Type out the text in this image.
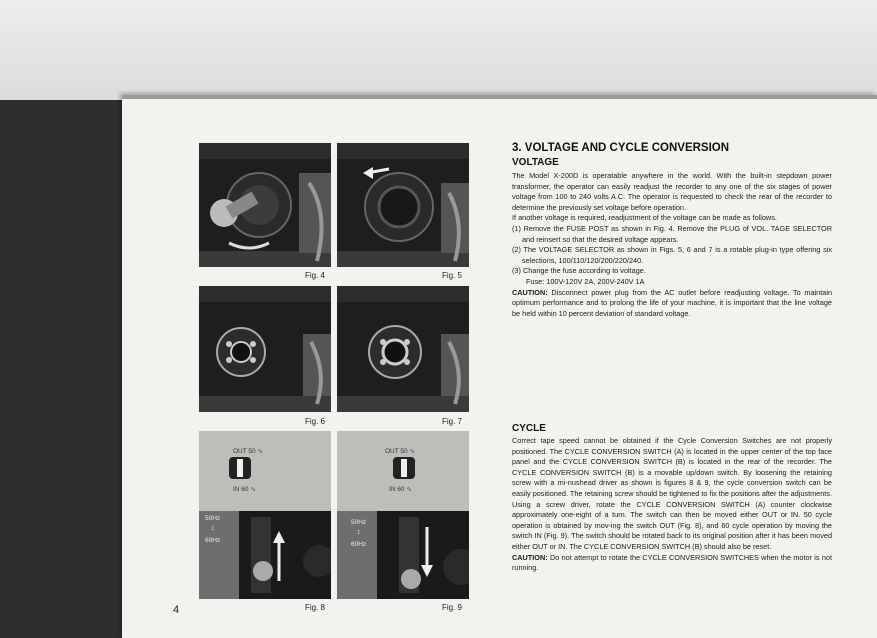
Fig. 4	Fig. 5
Fig. 6	Fig. 7
OUT 50 ∿
IN 60 ∿
50Hz
↕
60Hz
Fig. 8
OUT 50 ∿
IN 60 ∿
50Hz
↕
60Hz
Fig. 9
3. VOLTAGE AND CYCLE CONVERSION
VOLTAGE

The Model X-200D is operatable anywhere in the world. With the built-in stepdown power transformer, the operator can easily readjust the recorder to any one of the six stages of power voltage from 100 to 240 volts A.C. The operator is requested to check the rear of the recorder to determine the previously set voltage before operation.

If another voltage is required, readjustment of the voltage can be made as follows.

(1) Remove the FUSE POST as shown in Fig. 4. Remove the PLUG of VOL. TAGE SELECTOR and reinsert so that the desired voltage appears.

(2) The VOLTAGE SELECTOR as shown in Figs. 5, 6 and 7 is a rotable plug-in type offering six selections, 100/110/120/200/220/240.

(3) Change the fuse according to voltage.

Fuse: 100V-120V 2A, 200V-240V 1A

CAUTION: Disconnect power plug from the AC outlet before readjusting voltage. To maintain optimum performance and to prolong the life of your machine, it is important that the line voltage be held within 10 percent deviation of standard voltage.

CYCLE

Correct tape speed cannot be obtained if the Cycle Conversion Switches are not properly positioned. The CYCLE CONVERSION SWITCH (A) is located in the upper center of the top face panel and the CYCLE CONVERSION SWITCH (B) is located in the rear of the recorder. The CYCLE CONVERSION SWITCH (B) is a movable up/down switch. By loosening the retaining screw with a mi-nushead driver as shown is figures 8 & 9, the cycle conversion switch can be easily positioned. The retaining screw should be tightened to fix the positions after the adjustments. Using a screw driver, rotate the CYCLE CONVERSION SWITCH (A) counter clockwise approximately one-eight of a turn. The switch can then be moved either OUT or IN. 50 cycle operation is obtained by mov-ing the switch OUT (Fig. 8), and 60 cycle operation by moving the switch IN (Fig. 9). The switch should be rotated back to its original position after it has been moved either OUT or IN. The CYCLE CONVERSION SWITCH (B) should also be reset.

CAUTION: Do not attempt to rotate the CYCLE CONVERSION SWITCHES when the motor is not running.

4
